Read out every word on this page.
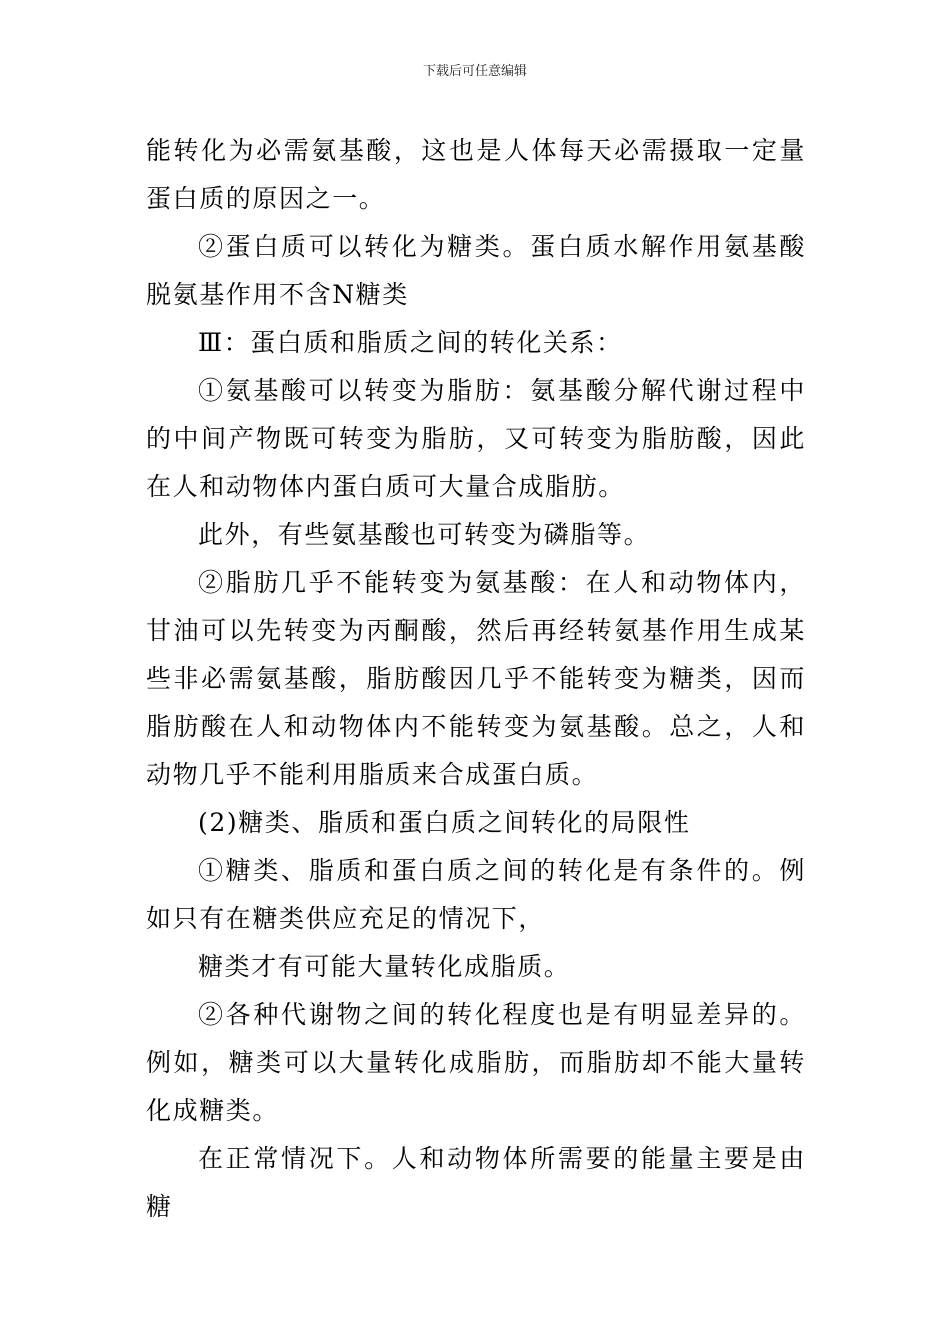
下载后可任意编辑

能转化为必需氨基酸，这也是人体每天必需摄取一定量蛋白质的原因之一。

②蛋白质可以转化为糖类。蛋白质水解作用氨基酸脱氨基作用不含N糖类

Ⅲ：蛋白质和脂质之间的转化关系：

①氨基酸可以转变为脂肪：氨基酸分解代谢过程中的中间产物既可转变为脂肪，又可转变为脂肪酸，因此在人和动物体内蛋白质可大量合成脂肪。

此外，有些氨基酸也可转变为磷脂等。

②脂肪几乎不能转变为氨基酸：在人和动物体内，甘油可以先转变为丙酮酸，然后再经转氨基作用生成某些非必需氨基酸，脂肪酸因几乎不能转变为糖类，因而脂肪酸在人和动物体内不能转变为氨基酸。总之，人和动物几乎不能利用脂质来合成蛋白质。

(2)糖类、脂质和蛋白质之间转化的局限性

①糖类、脂质和蛋白质之间的转化是有条件的。例如只有在糖类供应充足的情况下，

糖类才有可能大量转化成脂质。

②各种代谢物之间的转化程度也是有明显差异的。例如，糖类可以大量转化成脂肪，而脂肪却不能大量转化成糖类。

在正常情况下。人和动物体所需要的能量主要是由糖
